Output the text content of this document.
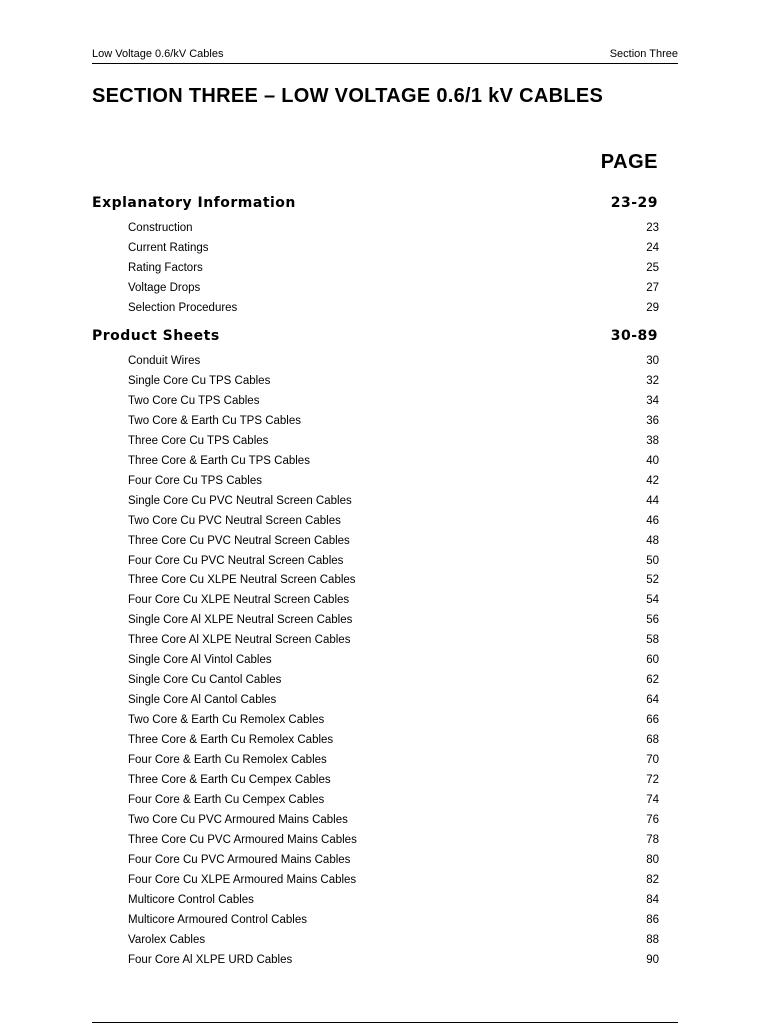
Low Voltage 0.6/kV Cables	Section Three
SECTION THREE – LOW VOLTAGE 0.6/1 kV CABLES
PAGE
Explanatory Information	23-29
Construction	23
Current Ratings	24
Rating Factors	25
Voltage Drops	27
Selection Procedures	29
Product Sheets	30-89
Conduit Wires	30
Single Core Cu TPS Cables	32
Two Core Cu TPS Cables	34
Two Core & Earth Cu TPS Cables	36
Three Core Cu TPS Cables	38
Three Core & Earth Cu TPS Cables	40
Four Core Cu TPS Cables	42
Single Core Cu PVC Neutral Screen Cables	44
Two Core Cu PVC Neutral Screen Cables	46
Three Core Cu PVC Neutral Screen Cables	48
Four Core Cu PVC Neutral Screen Cables	50
Three Core Cu XLPE Neutral Screen Cables	52
Four Core Cu XLPE Neutral Screen Cables	54
Single Core Al XLPE Neutral Screen Cables	56
Three Core Al XLPE Neutral Screen Cables	58
Single Core Al Vintol Cables	60
Single Core Cu Cantol Cables	62
Single Core Al Cantol Cables	64
Two Core & Earth Cu Remolex Cables	66
Three Core & Earth Cu Remolex Cables	68
Four Core & Earth Cu Remolex Cables	70
Three Core & Earth Cu Cempex Cables	72
Four Core & Earth Cu Cempex Cables	74
Two Core Cu PVC Armoured Mains Cables	76
Three Core Cu PVC Armoured Mains Cables	78
Four Core Cu PVC Armoured Mains Cables	80
Four Core Cu XLPE Armoured Mains Cables	82
Multicore Control Cables	84
Multicore Armoured Control Cables	86
Varolex Cables	88
Four Core Al XLPE URD Cables	90
